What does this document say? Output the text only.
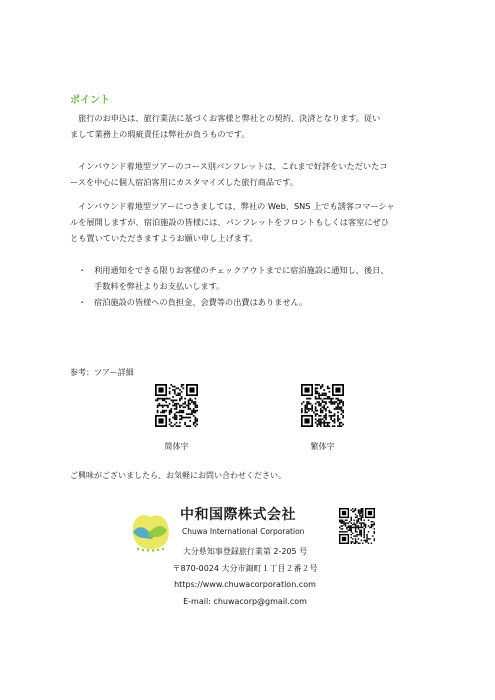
ポイント
旅行のお申込は、旅行業法に基づくお客様と弊社との契約、決済となります。従い
まして業務上の瑕疵責任は弊社が負うものです。
インバウンド着地型ツアーのコース別パンフレットは、これまで好評をいただいたコ
ースを中心に個人宿泊客用にカスタマイズした旅行商品です。
インバウンド着地型ツアーにつきましては、弊社の Web、SNS 上でも誘客コマーシャ
ルを展開しますが、宿泊施設の皆様には、パンフレットをフロントもしくは客室にぜひ
とも置いていただきますようお願い申し上げます。
・ 利用通知をできる限りお客様のチェックアウトまでに宿泊施設に通知し、後日、
手数料を弊社よりお支払いします。
・ 宿泊施設の皆様への負担金、会費等の出費はありません。
参考：ツアー詳細
简体字	繁体字
ご興味がございましたら、お気軽にお問い合わせください。
中和国際株式会社
Chuwa International Corporation
大分県知事登録旅行業第 2-205 号
〒870-0024 大分市錦町１丁目２番２号
https://www.chuwacorporation.com
E-mail: chuwacorp@gmail.com
